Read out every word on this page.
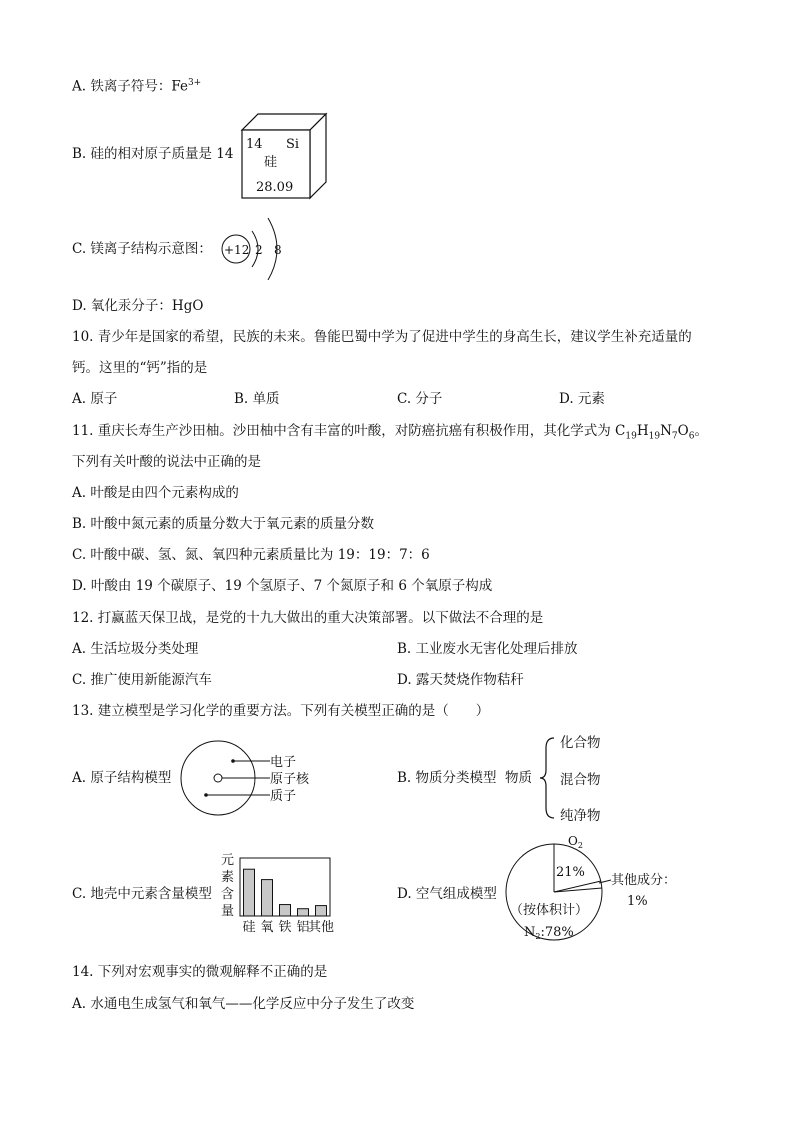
A. 铁离子符号：$Fe^{3+}$
B. 硅的相对原子质量是 14
14 Si
硅
28.09
C. 镁离子结构示意图： +12 2 8
D. 氧化汞分子：HgO
10. 青少年是国家的希望，民族的未来。鲁能巴蜀中学为了促进中学生的身高生长，建议学生补充适量的
钙。这里的“钙”指的是
A. 原子	B. 单质	C. 分子	D. 元素
11. 重庆长寿生产沙田柚。沙田柚中含有丰富的叶酸，对防癌抗癌有积极作用，其化学式为 $C_{19}H_{19}N_7O_6$。
下列有关叶酸的说法中正确的是
A. 叶酸是由四个元素构成的
B. 叶酸中氮元素的质量分数大于氧元素的质量分数
C. 叶酸中碳、氢、氮、氧四种元素质量比为 19：19：7：6
D. 叶酸由 19 个碳原子、19 个氢原子、7 个氮原子和 6 个氧原子构成
12. 打赢蓝天保卫战，是党的十九大做出的重大决策部署。以下做法不合理的是
A. 生活垃圾分类处理	B. 工业废水无害化处理后排放
C. 推广使用新能源汽车	D. 露天焚烧作物秸秆
13. 建立模型是学习化学的重要方法。下列有关模型正确的是（　　）
A. 原子结构模型
电子
原子核
质子
B. 物质分类模型 物质
化合物
混合物
纯净物
C. 地壳中元素含量模型
元
素
含
量
硅 氧 铁 铝
其他
D. 空气组成模型
$O_2$
21%
其他成分：
1%
（按体积计）
$N_2:78\%$
14. 下列对宏观事实的微观解释不正确的是
A. 水通电生成氢气和氧气——化学反应中分子发生了改变
